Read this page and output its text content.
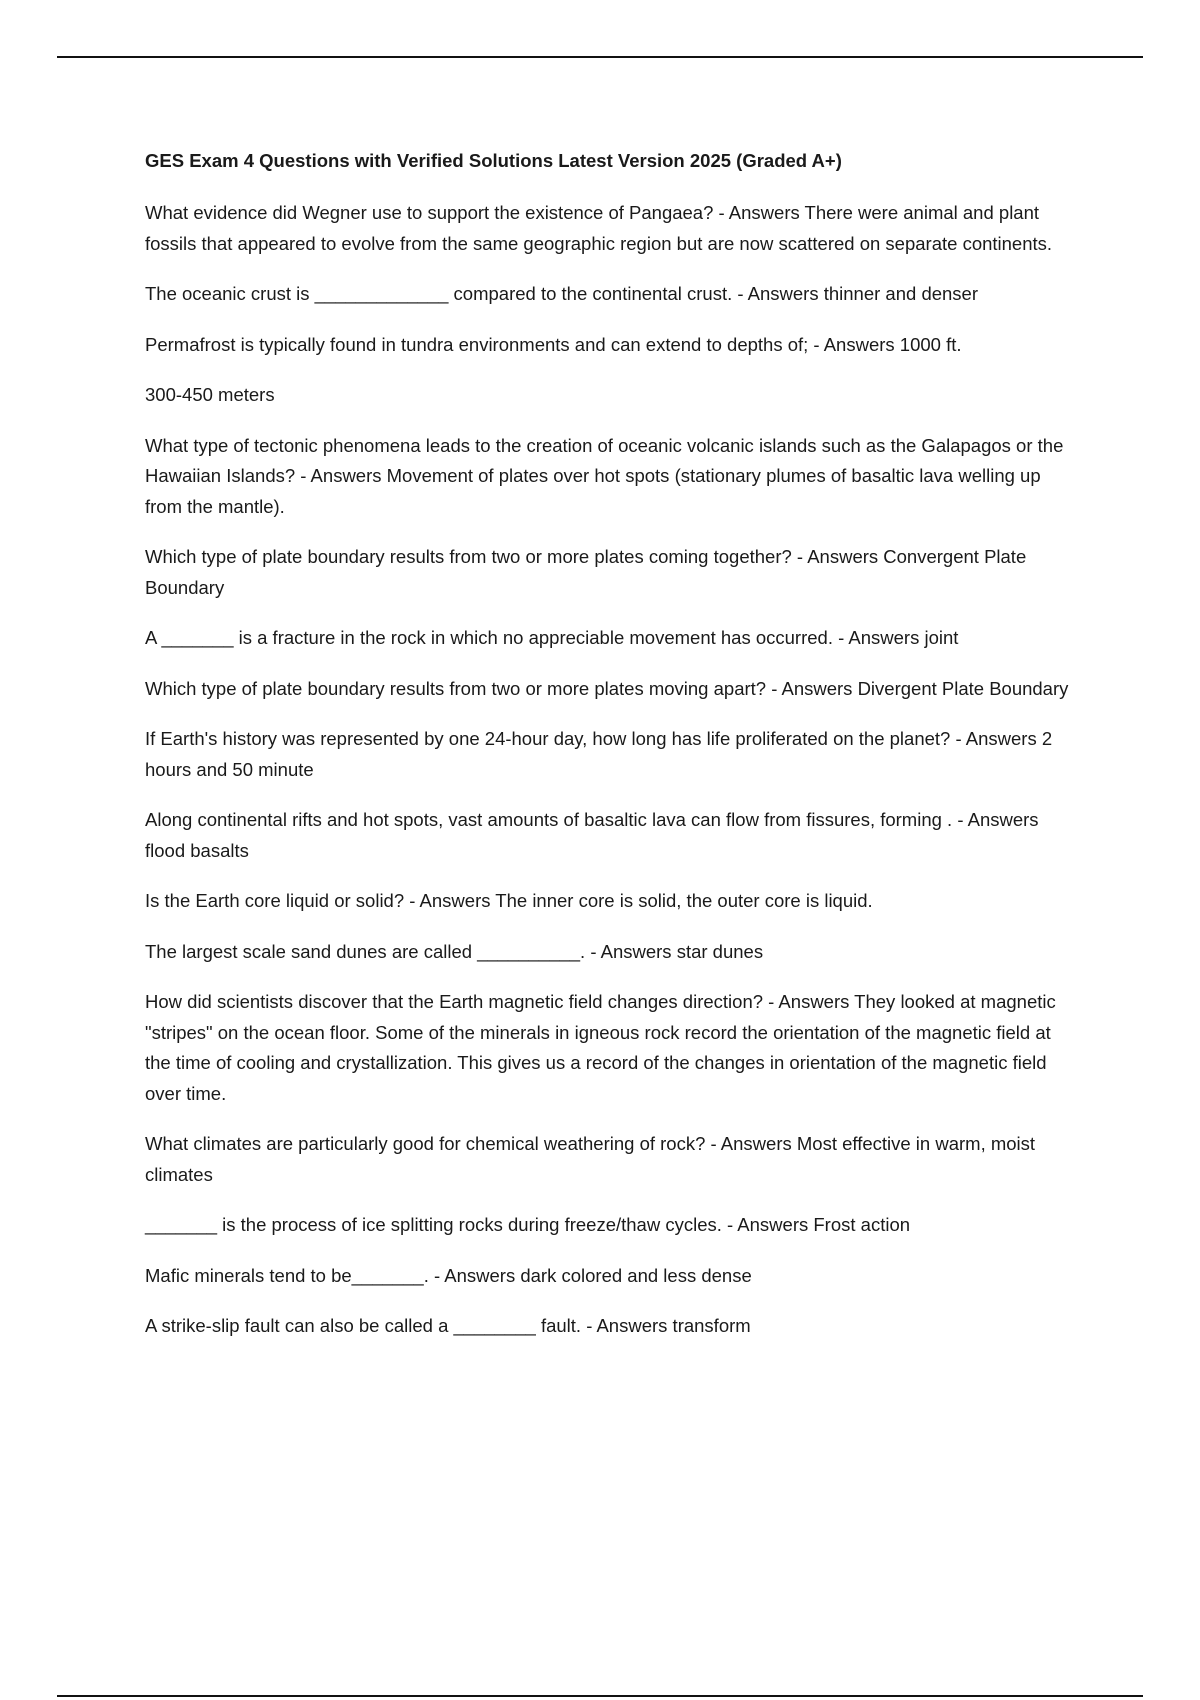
GES Exam 4 Questions with Verified Solutions Latest Version 2025 (Graded A+)

What evidence did Wegner use to support the existence of Pangaea? - Answers There were animal and plant fossils that appeared to evolve from the same geographic region but are now scattered on separate continents.

The oceanic crust is _____________ compared to the continental crust. - Answers thinner and denser

Permafrost is typically found in tundra environments and can extend to depths of; - Answers 1000 ft.

300-450 meters

What type of tectonic phenomena leads to the creation of oceanic volcanic islands such as the Galapagos or the Hawaiian Islands? - Answers Movement of plates over hot spots (stationary plumes of basaltic lava welling up from the mantle).

Which type of plate boundary results from two or more plates coming together? - Answers Convergent Plate Boundary

A _______ is a fracture in the rock in which no appreciable movement has occurred. - Answers joint

Which type of plate boundary results from two or more plates moving apart? - Answers Divergent Plate Boundary

If Earth's history was represented by one 24-hour day, how long has life proliferated on the planet? - Answers 2 hours and 50 minute

Along continental rifts and hot spots, vast amounts of basaltic lava can flow from fissures, forming . - Answers flood basalts

Is the Earth core liquid or solid? - Answers The inner core is solid, the outer core is liquid.

The largest scale sand dunes are called __________. - Answers star dunes

How did scientists discover that the Earth magnetic field changes direction? - Answers They looked at magnetic "stripes" on the ocean floor. Some of the minerals in igneous rock record the orientation of the magnetic field at the time of cooling and crystallization. This gives us a record of the changes in orientation of the magnetic field over time.

What climates are particularly good for chemical weathering of rock? - Answers Most effective in warm, moist climates

_______ is the process of ice splitting rocks during freeze/thaw cycles. - Answers Frost action

Mafic minerals tend to be_______. - Answers dark colored and less dense

A strike-slip fault can also be called a ________ fault. - Answers transform
